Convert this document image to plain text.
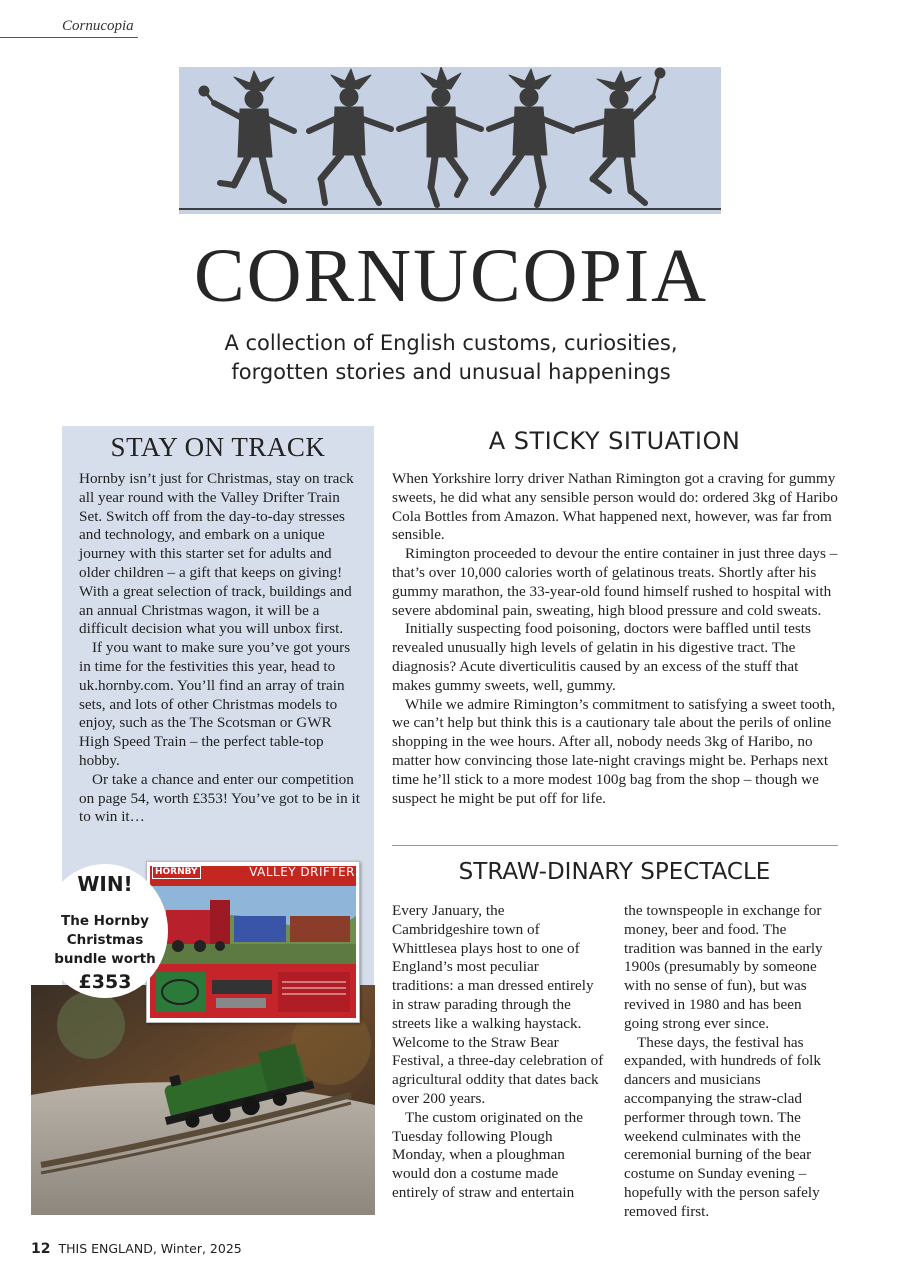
Cornucopia
CORNUCOPIA
A collection of English customs, curiosities,
forgotten stories and unusual happenings
STAY ON TRACK

Hornby isn’t just for Christmas, stay on track all year round with the Valley Drifter Train Set. Switch off from the day-to-day stresses and technology, and embark on a unique journey with this starter set for adults and older children – a gift that keeps on giving! With a great selection of track, buildings and an annual Christmas wagon, it will be a difficult decision what you will unbox first.

If you want to make sure you’ve got yours in time for the festivities this year, head to uk.hornby.com. You’ll find an array of train sets, and lots of other Christmas models to enjoy, such as the The Scotsman or GWR High Speed Train – the perfect table-top hobby.

Or take a chance and enter our competition on page 54, worth £353! You’ve got to be in it to win it…

HORNBY	VALLEY DRIFTER
WIN!
The Hornby
Christmas
bundle worth
£353
A STICKY SITUATION

When Yorkshire lorry driver Nathan Rimington got a craving for gummy sweets, he did what any sensible person would do: ordered 3kg of Haribo Cola Bottles from Amazon. What happened next, however, was far from sensible.

Rimington proceeded to devour the entire container in just three days – that’s over 10,000 calories worth of gelatinous treats. Shortly after his gummy marathon, the 33-year-old found himself rushed to hospital with severe abdominal pain, sweating, high blood pressure and cold sweats.

Initially suspecting food poisoning, doctors were baffled until tests revealed unusually high levels of gelatin in his digestive tract. The diagnosis? Acute diverticulitis caused by an excess of the stuff that makes gummy sweets, well, gummy.

While we admire Rimington’s commitment to satisfying a sweet tooth, we can’t help but think this is a cautionary tale about the perils of online shopping in the wee hours. After all, nobody needs 3kg of Haribo, no matter how convincing those late-night cravings might be. Perhaps next time he’ll stick to a more modest 100g bag from the shop – though we suspect he might be put off for life.

STRAW-DINARY SPECTACLE

Every January, the Cambridgeshire town of Whittlesea plays host to one of England’s most peculiar traditions: a man dressed entirely in straw parading through the streets like a walking haystack. Welcome to the Straw Bear Festival, a three-day celebration of agricultural oddity that dates back over 200 years.

The custom originated on the Tuesday following Plough Monday, when a ploughman would don a costume made entirely of straw and entertain

the townspeople in exchange for money, beer and food. The tradition was banned in the early 1900s (presumably by someone with no sense of fun), but was revived in 1980 and has been going strong ever since.

These days, the festival has expanded, with hundreds of folk dancers and musicians accompanying the straw-clad performer through town. The weekend culminates with the ceremonial burning of the bear costume on Sunday evening – hopefully with the person safely removed first.

12 THIS ENGLAND, Winter, 2025
